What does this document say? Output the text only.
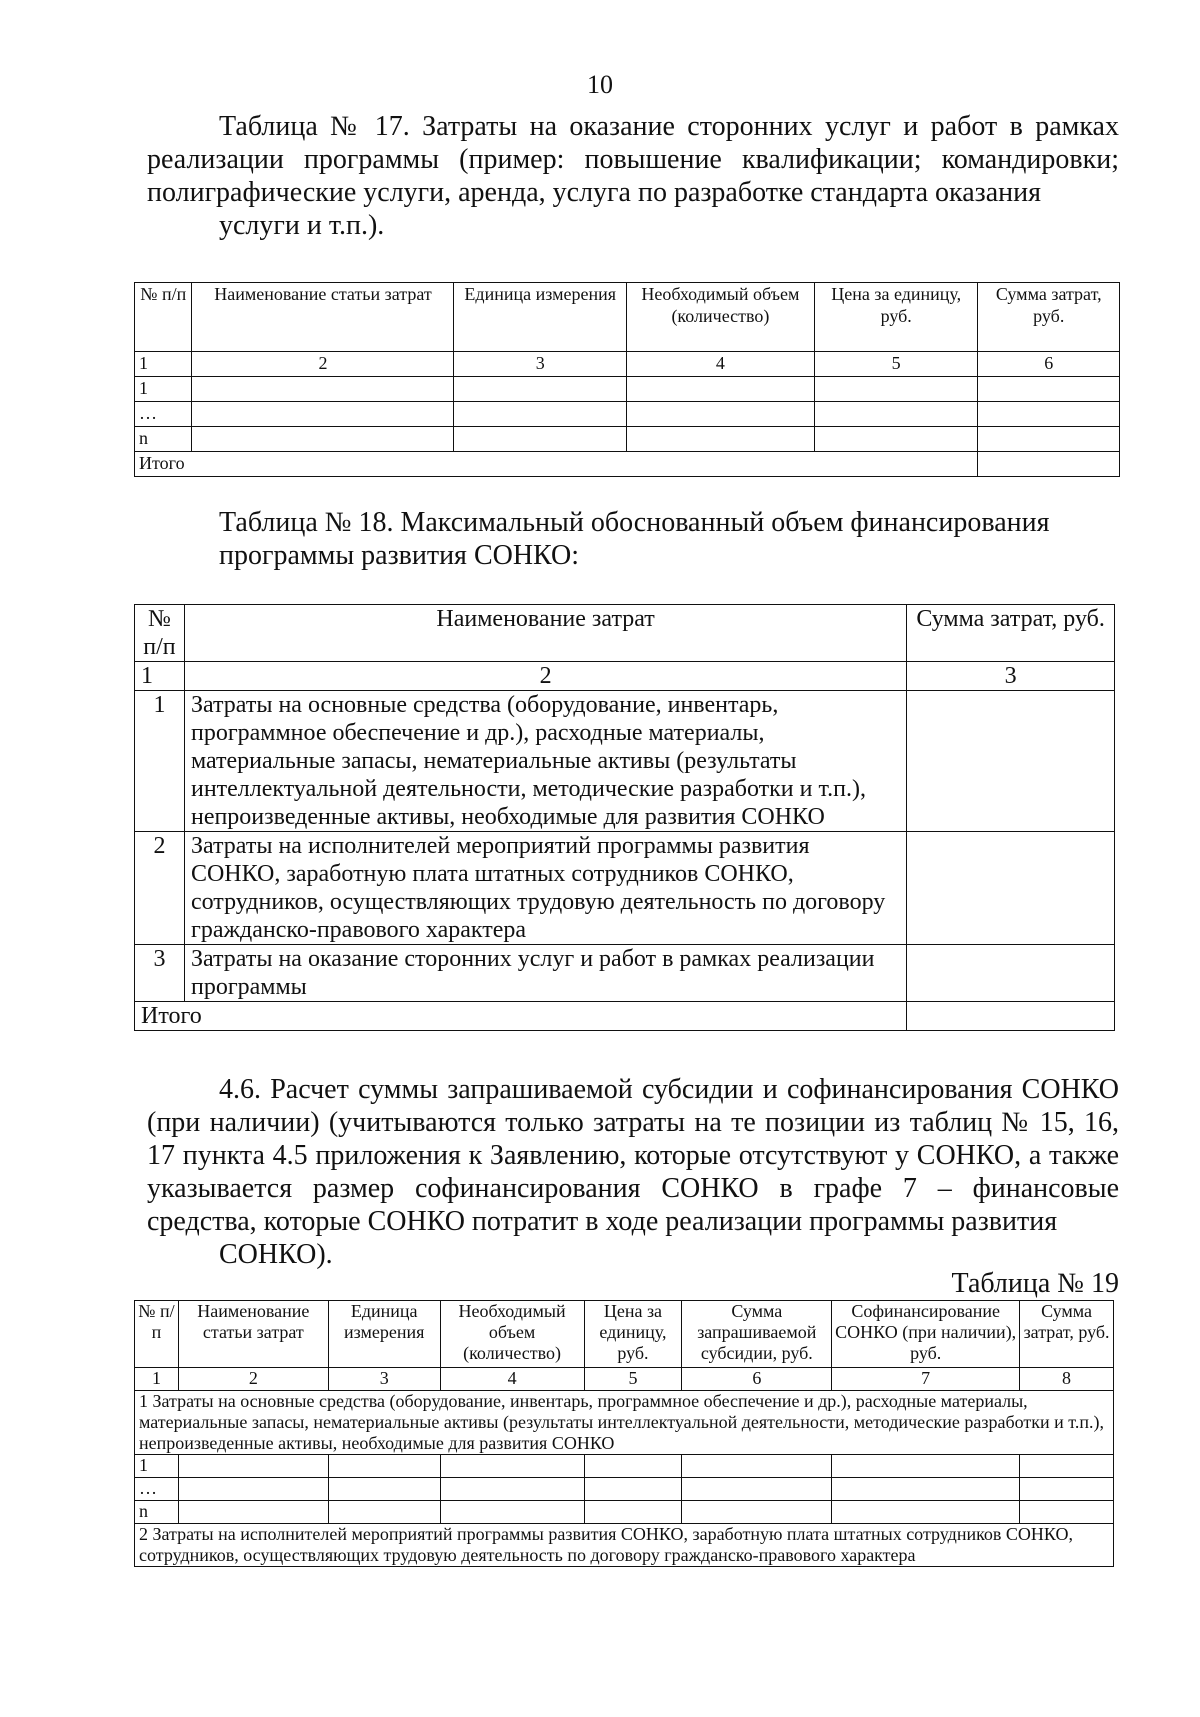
10
Таблица № 17. Затраты на оказание сторонних услуг и работ в рамках реализации программы (пример: повышение квалификации; командировки; полиграфические услуги, аренда, услуга по разработке стандарта оказания
услуги и т.п.).
№ п/п	Наименование статьи затрат	Единица измерения	Необходимый объем (количество)	Цена за единицу, руб.	Сумма затрат, руб.
1	2	3	4	5	6
1					
…					
n					
Итого					
Таблица № 18. Максимальный обоснованный объем финансирования
программы развития СОНКО:
№ п/п	Наименование затрат	Сумма затрат, руб.
1	2	3
1	Затраты на основные средства (оборудование, инвентарь, программное обеспечение и др.), расходные материалы, материальные запасы, нематериальные активы (результаты интеллектуальной деятельности, методические разработки и т.п.), непроизведенные активы, необходимые для развития СОНКО	
2	Затраты на исполнителей мероприятий программы развития СОНКО, заработную плата штатных сотрудников СОНКО, сотрудников, осуществляющих трудовую деятельность по договору гражданско-правового характера	
3	Затраты на оказание сторонних услуг и работ в рамках реализации программы	
Итого		
4.6. Расчет суммы запрашиваемой субсидии и софинансирования СОНКО (при наличии) (учитываются только затраты на те позиции из таблиц № 15, 16, 17 пункта 4.5 приложения к Заявлению, которые отсутствуют у СОНКО, а также указывается размер софинансирования СОНКО в графе 7 – финансовые средства, которые СОНКО потратит в ходе реализации программы развития
СОНКО).
Таблица № 19
№ п/п	Наименование статьи затрат	Единица измерения	Необходимый объем (количество)	Цена за единицу, руб.	Сумма запрашиваемой субсидии, руб.	Софинансирование СОНКО (при наличии), руб.	Сумма затрат, руб.
1	2	3	4	5	6	7	8
1 Затраты на основные средства (оборудование, инвентарь, программное обеспечение и др.), расходные материалы, материальные запасы, нематериальные активы (результаты интеллектуальной деятельности, методические разработки и т.п.), непроизведенные активы, необходимые для развития СОНКО							
1							
…							
n							
2 Затраты на исполнителей мероприятий программы развития СОНКО, заработную плата штатных сотрудников СОНКО, сотрудников, осуществляющих трудовую деятельность по договору гражданско-правового характера							
